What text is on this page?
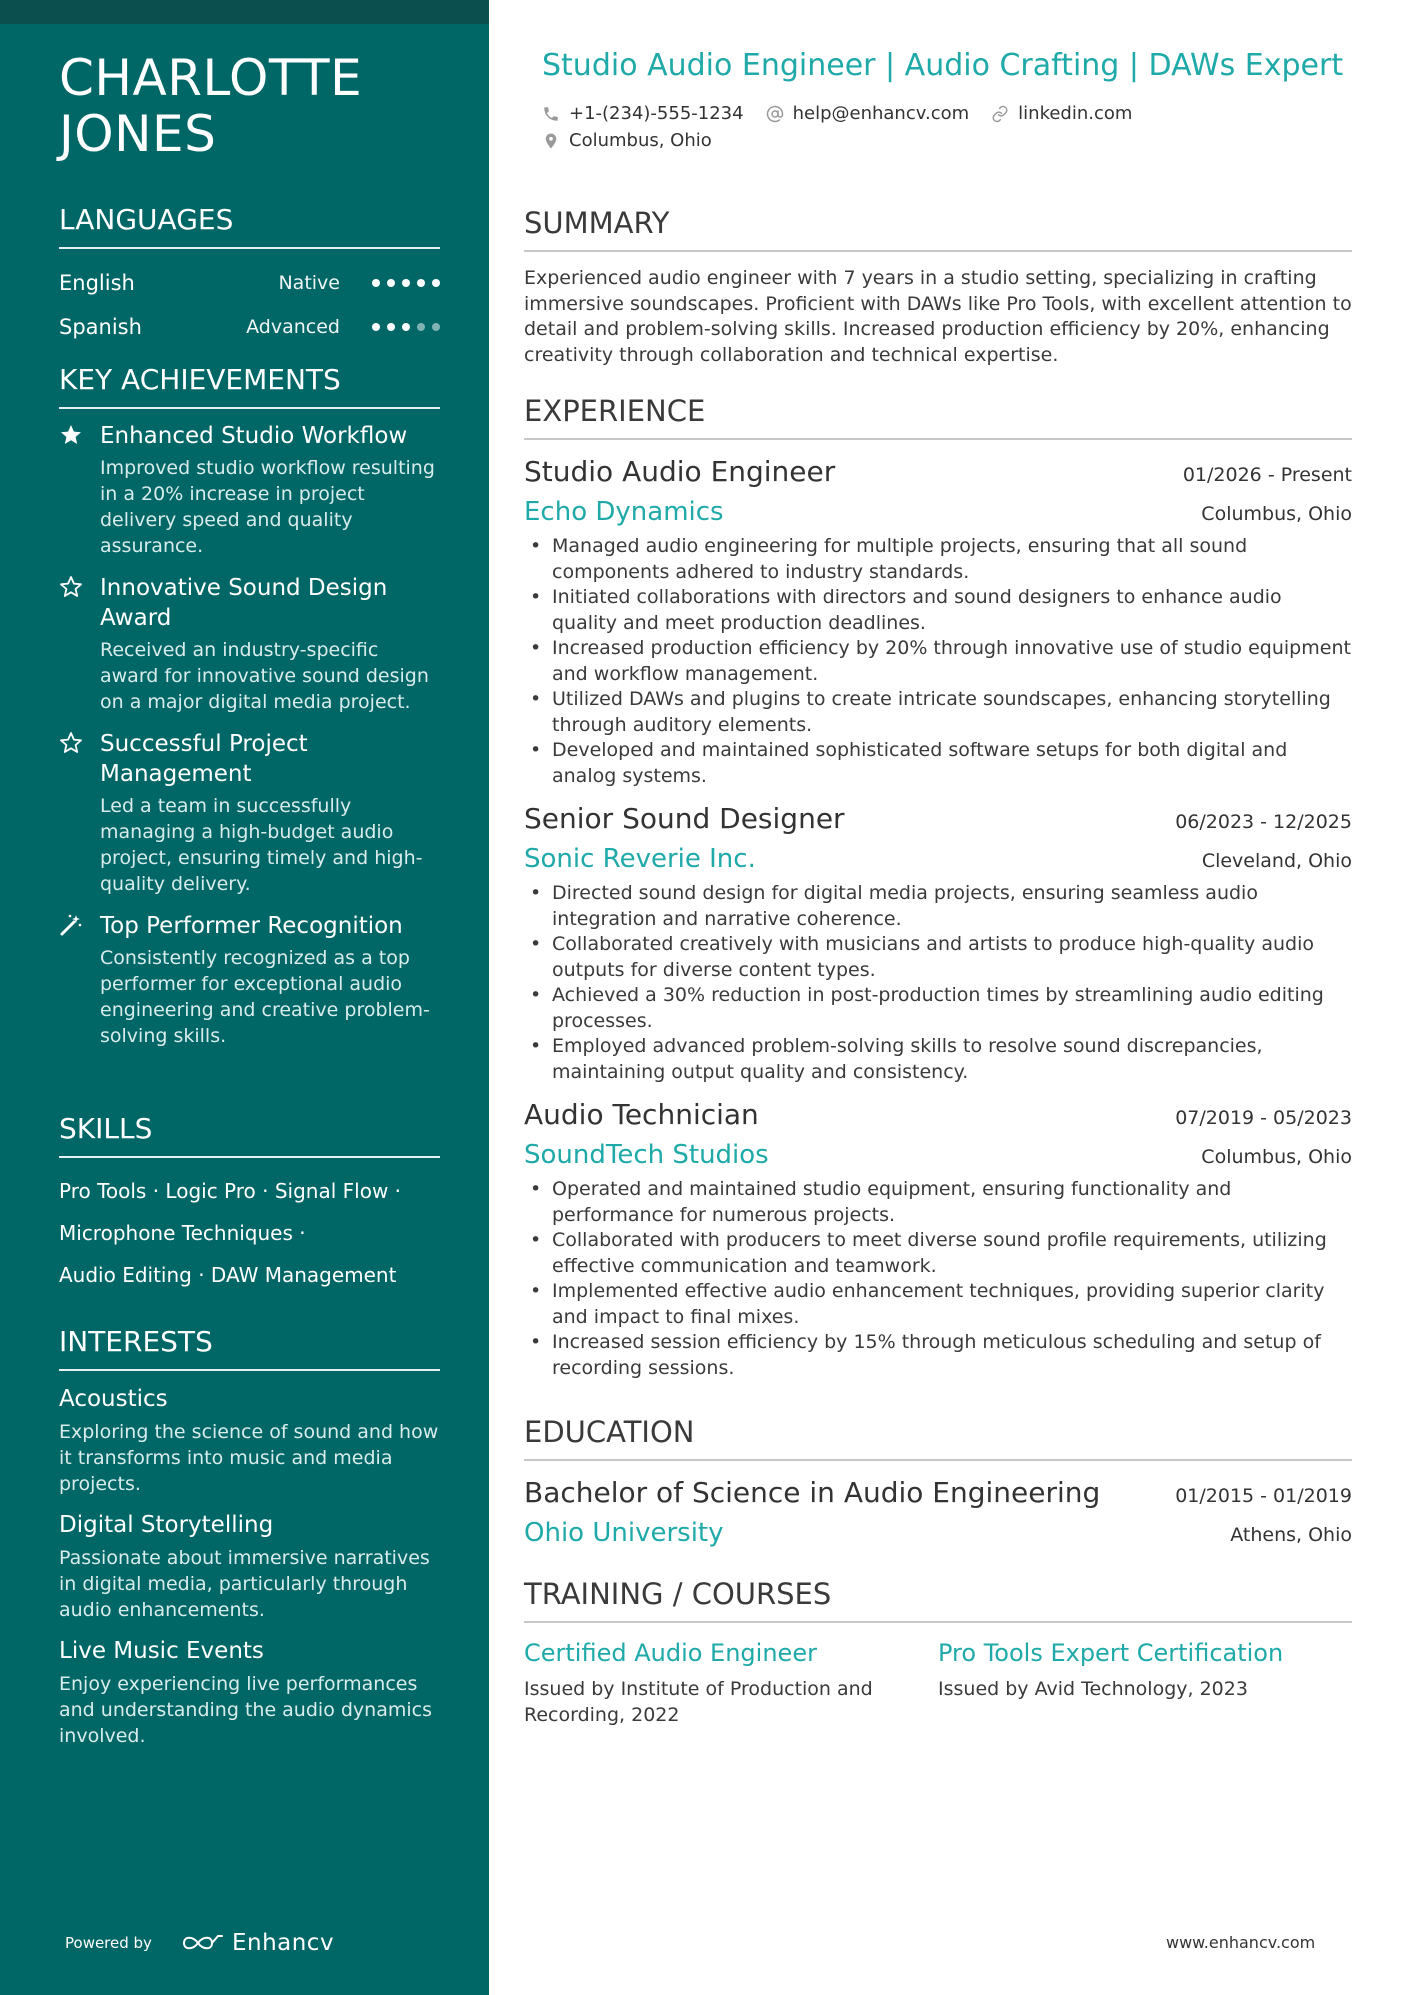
CHARLOTTE JONES
LANGUAGES
English	Native
Spanish	Advanced
KEY ACHIEVEMENTS
Enhanced Studio Workflow
Improved studio workflow resulting in a 20% increase in project delivery speed and quality assurance.
Innovative Sound Design Award
Received an industry-specific award for innovative sound design on a major digital media project.
Successful Project Management
Led a team in successfully managing a high-budget audio project, ensuring timely and high-quality delivery.
Top Performer Recognition
Consistently recognized as a top performer for exceptional audio engineering and creative problem-solving skills.
SKILLS
Pro Tools · Logic Pro · Signal Flow ·
Microphone Techniques ·
Audio Editing · DAW Management
INTERESTS
Acoustics
Exploring the science of sound and how it transforms into music and media projects.
Digital Storytelling
Passionate about immersive narratives in digital media, particularly through audio enhancements.
Live Music Events
Enjoy experiencing live performances and understanding the audio dynamics involved.
Powered by	Enhancv
Studio Audio Engineer | Audio Crafting | DAWs Expert
+1-(234)-555-1234	help@enhancv.com	linkedin.com
Columbus, Ohio
SUMMARY

Experienced audio engineer with 7 years in a studio setting, specializing in crafting immersive soundscapes. Proficient with DAWs like Pro Tools, with excellent attention to detail and problem-solving skills. Increased production efficiency by 20%, enhancing creativity through collaboration and technical expertise.

EXPERIENCE
Studio Audio Engineer	01/2026 - Present
Echo Dynamics	Columbus, Ohio
• Managed audio engineering for multiple projects, ensuring that all sound components adhered to industry standards.
• Initiated collaborations with directors and sound designers to enhance audio quality and meet production deadlines.
• Increased production efficiency by 20% through innovative use of studio equipment and workflow management.
• Utilized DAWs and plugins to create intricate soundscapes, enhancing storytelling through auditory elements.
• Developed and maintained sophisticated software setups for both digital and analog systems.
Senior Sound Designer	06/2023 - 12/2025
Sonic Reverie Inc.	Cleveland, Ohio
• Directed sound design for digital media projects, ensuring seamless audio integration and narrative coherence.
• Collaborated creatively with musicians and artists to produce high-quality audio outputs for diverse content types.
• Achieved a 30% reduction in post-production times by streamlining audio editing processes.
• Employed advanced problem-solving skills to resolve sound discrepancies, maintaining output quality and consistency.
Audio Technician	07/2019 - 05/2023
SoundTech Studios	Columbus, Ohio
• Operated and maintained studio equipment, ensuring functionality and performance for numerous projects.
• Collaborated with producers to meet diverse sound profile requirements, utilizing effective communication and teamwork.
• Implemented effective audio enhancement techniques, providing superior clarity and impact to final mixes.
• Increased session efficiency by 15% through meticulous scheduling and setup of recording sessions.
EDUCATION
Bachelor of Science in Audio Engineering	01/2015 - 01/2019
Ohio University	Athens, Ohio
TRAINING / COURSES
Certified Audio Engineer
Issued by Institute of Production and Recording, 2022
Pro Tools Expert Certification
Issued by Avid Technology, 2023
www.enhancv.com
